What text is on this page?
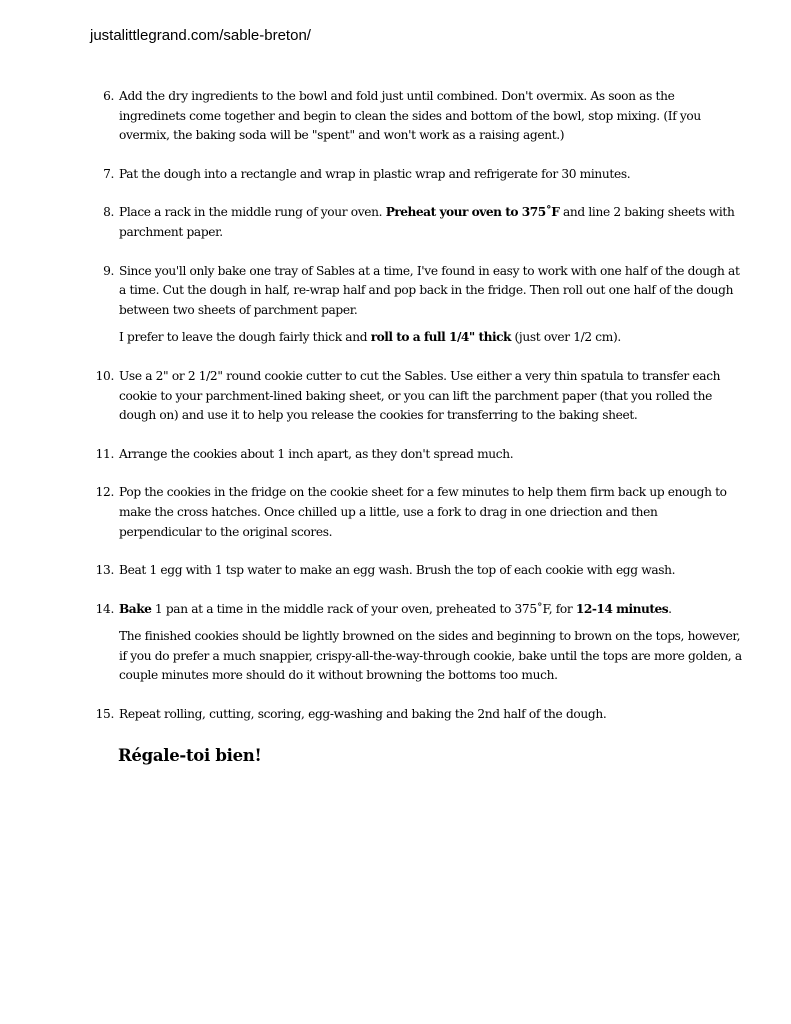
justalittlegrand.com/sable-breton/
6. Add the dry ingredients to the bowl and fold just until combined. Don't overmix. As soon as the ingredinets come together and begin to clean the sides and bottom of the bowl, stop mixing. (If you overmix, the baking soda will be "spent" and won't work as a raising agent.)

7. Pat the dough into a rectangle and wrap in plastic wrap and refrigerate for 30 minutes.

8. Place a rack in the middle rung of your oven. Preheat your oven to 375˚F and line 2 baking sheets with parchment paper.

9. Since you'll only bake one tray of Sables at a time, I've found in easy to work with one half of the dough at a time. Cut the dough in half, re-wrap half and pop back in the fridge. Then roll out one half of the dough between two sheets of parchment paper.

I prefer to leave the dough fairly thick and roll to a full 1/4" thick (just over 1/2 cm).

10. Use a 2" or 2 1/2" round cookie cutter to cut the Sables. Use either a very thin spatula to transfer each cookie to your parchment-lined baking sheet, or you can lift the parchment paper (that you rolled the dough on) and use it to help you release the cookies for transferring to the baking sheet.

11. Arrange the cookies about 1 inch apart, as they don't spread much.

12. Pop the cookies in the fridge on the cookie sheet for a few minutes to help them firm back up enough to make the cross hatches. Once chilled up a little, use a fork to drag in one driection and then perpendicular to the original scores.

13. Beat 1 egg with 1 tsp water to make an egg wash. Brush the top of each cookie with egg wash.

14. Bake 1 pan at a time in the middle rack of your oven, preheated to 375˚F, for 12-14 minutes.

The finished cookies should be lightly browned on the sides and beginning to brown on the tops, however, if you do prefer a much snappier, crispy-all-the-way-through cookie, bake until the tops are more golden, a couple minutes more should do it without browning the bottoms too much.

15. Repeat rolling, cutting, scoring, egg-washing and baking the 2nd half of the dough.

Régale-toi bien!
